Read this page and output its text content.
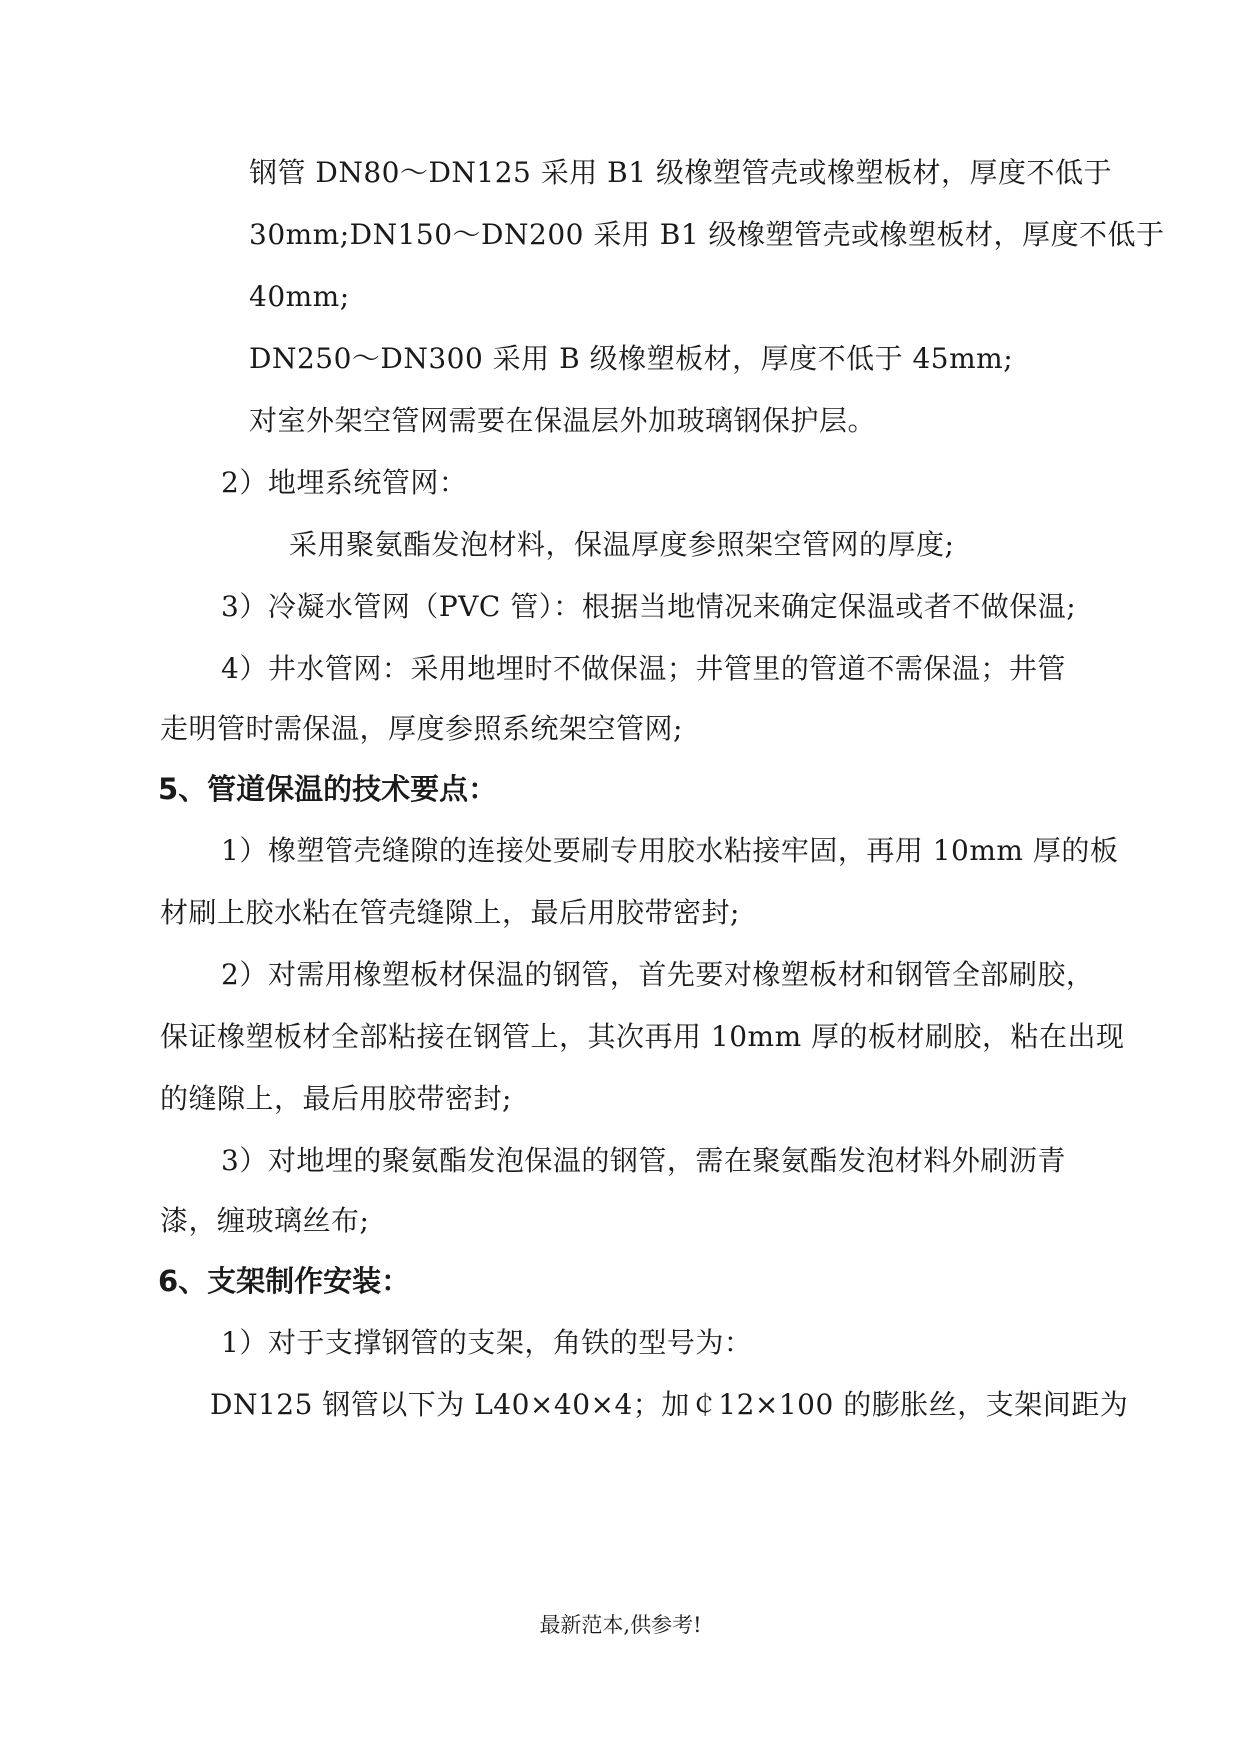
钢管 DN80～DN125 采用 B1 级橡塑管壳或橡塑板材，厚度不低于
30mm;DN150～DN200 采用 B1 级橡塑管壳或橡塑板材，厚度不低于
40mm;
DN250～DN300 采用 B 级橡塑板材，厚度不低于 45mm;
对室外架空管网需要在保温层外加玻璃钢保护层。
2）地埋系统管网：
采用聚氨酯发泡材料，保温厚度参照架空管网的厚度;
3）冷凝水管网（PVC 管）：根据当地情况来确定保温或者不做保温;
4）井水管网：采用地埋时不做保温；井管里的管道不需保温；井管
走明管时需保温，厚度参照系统架空管网;
5、管道保温的技术要点：
1）橡塑管壳缝隙的连接处要刷专用胶水粘接牢固，再用 10mm 厚的板
材刷上胶水粘在管壳缝隙上，最后用胶带密封;
2）对需用橡塑板材保温的钢管，首先要对橡塑板材和钢管全部刷胶，
保证橡塑板材全部粘接在钢管上，其次再用 10mm 厚的板材刷胶，粘在出现
的缝隙上，最后用胶带密封;
3）对地埋的聚氨酯发泡保温的钢管，需在聚氨酯发泡材料外刷沥青
漆，缠玻璃丝布;
6、支架制作安装：
1）对于支撑钢管的支架，角铁的型号为：
DN125 钢管以下为 L40×40×4；加￠12×100 的膨胀丝，支架间距为
最新范本,供参考!
